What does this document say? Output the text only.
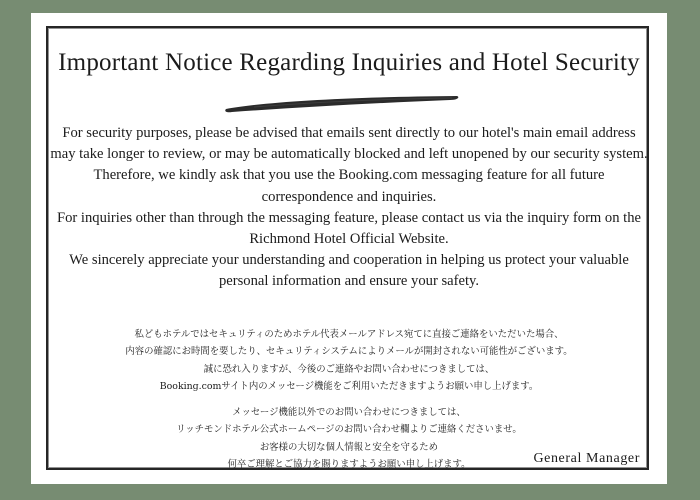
Important Notice Regarding Inquiries and Hotel Security

For security purposes, please be advised that emails sent directly to our hotel's main email address may take longer to review, or may be automatically blocked and left unopened by our security system.

Therefore, we kindly ask that you use the Booking.com messaging feature for all future correspondence and inquiries.

For inquiries other than through the messaging feature, please contact us via the inquiry form on the Richmond Hotel Official Website.

We sincerely appreciate your understanding and cooperation in helping us protect your valuable personal information and ensure your safety.

私どもホテルではセキュリティのためホテル代表メールアドレス宛てに直接ご連絡をいただいた場合、

内容の確認にお時間を要したり、セキュリティシステムによりメールが開封されない可能性がございます。

誠に恐れ入りますが、今後のご連絡やお問い合わせにつきましては、

Booking.comサイト内のメッセージ機能をご利用いただきますようお願い申し上げます。

メッセージ機能以外でのお問い合わせにつきましては、

リッチモンドホテル公式ホームページのお問い合わせ欄よりご連絡くださいませ。

お客様の大切な個人情報と安全を守るため

何卒ご理解とご協力を賜りますようお願い申し上げます。	General Manager
